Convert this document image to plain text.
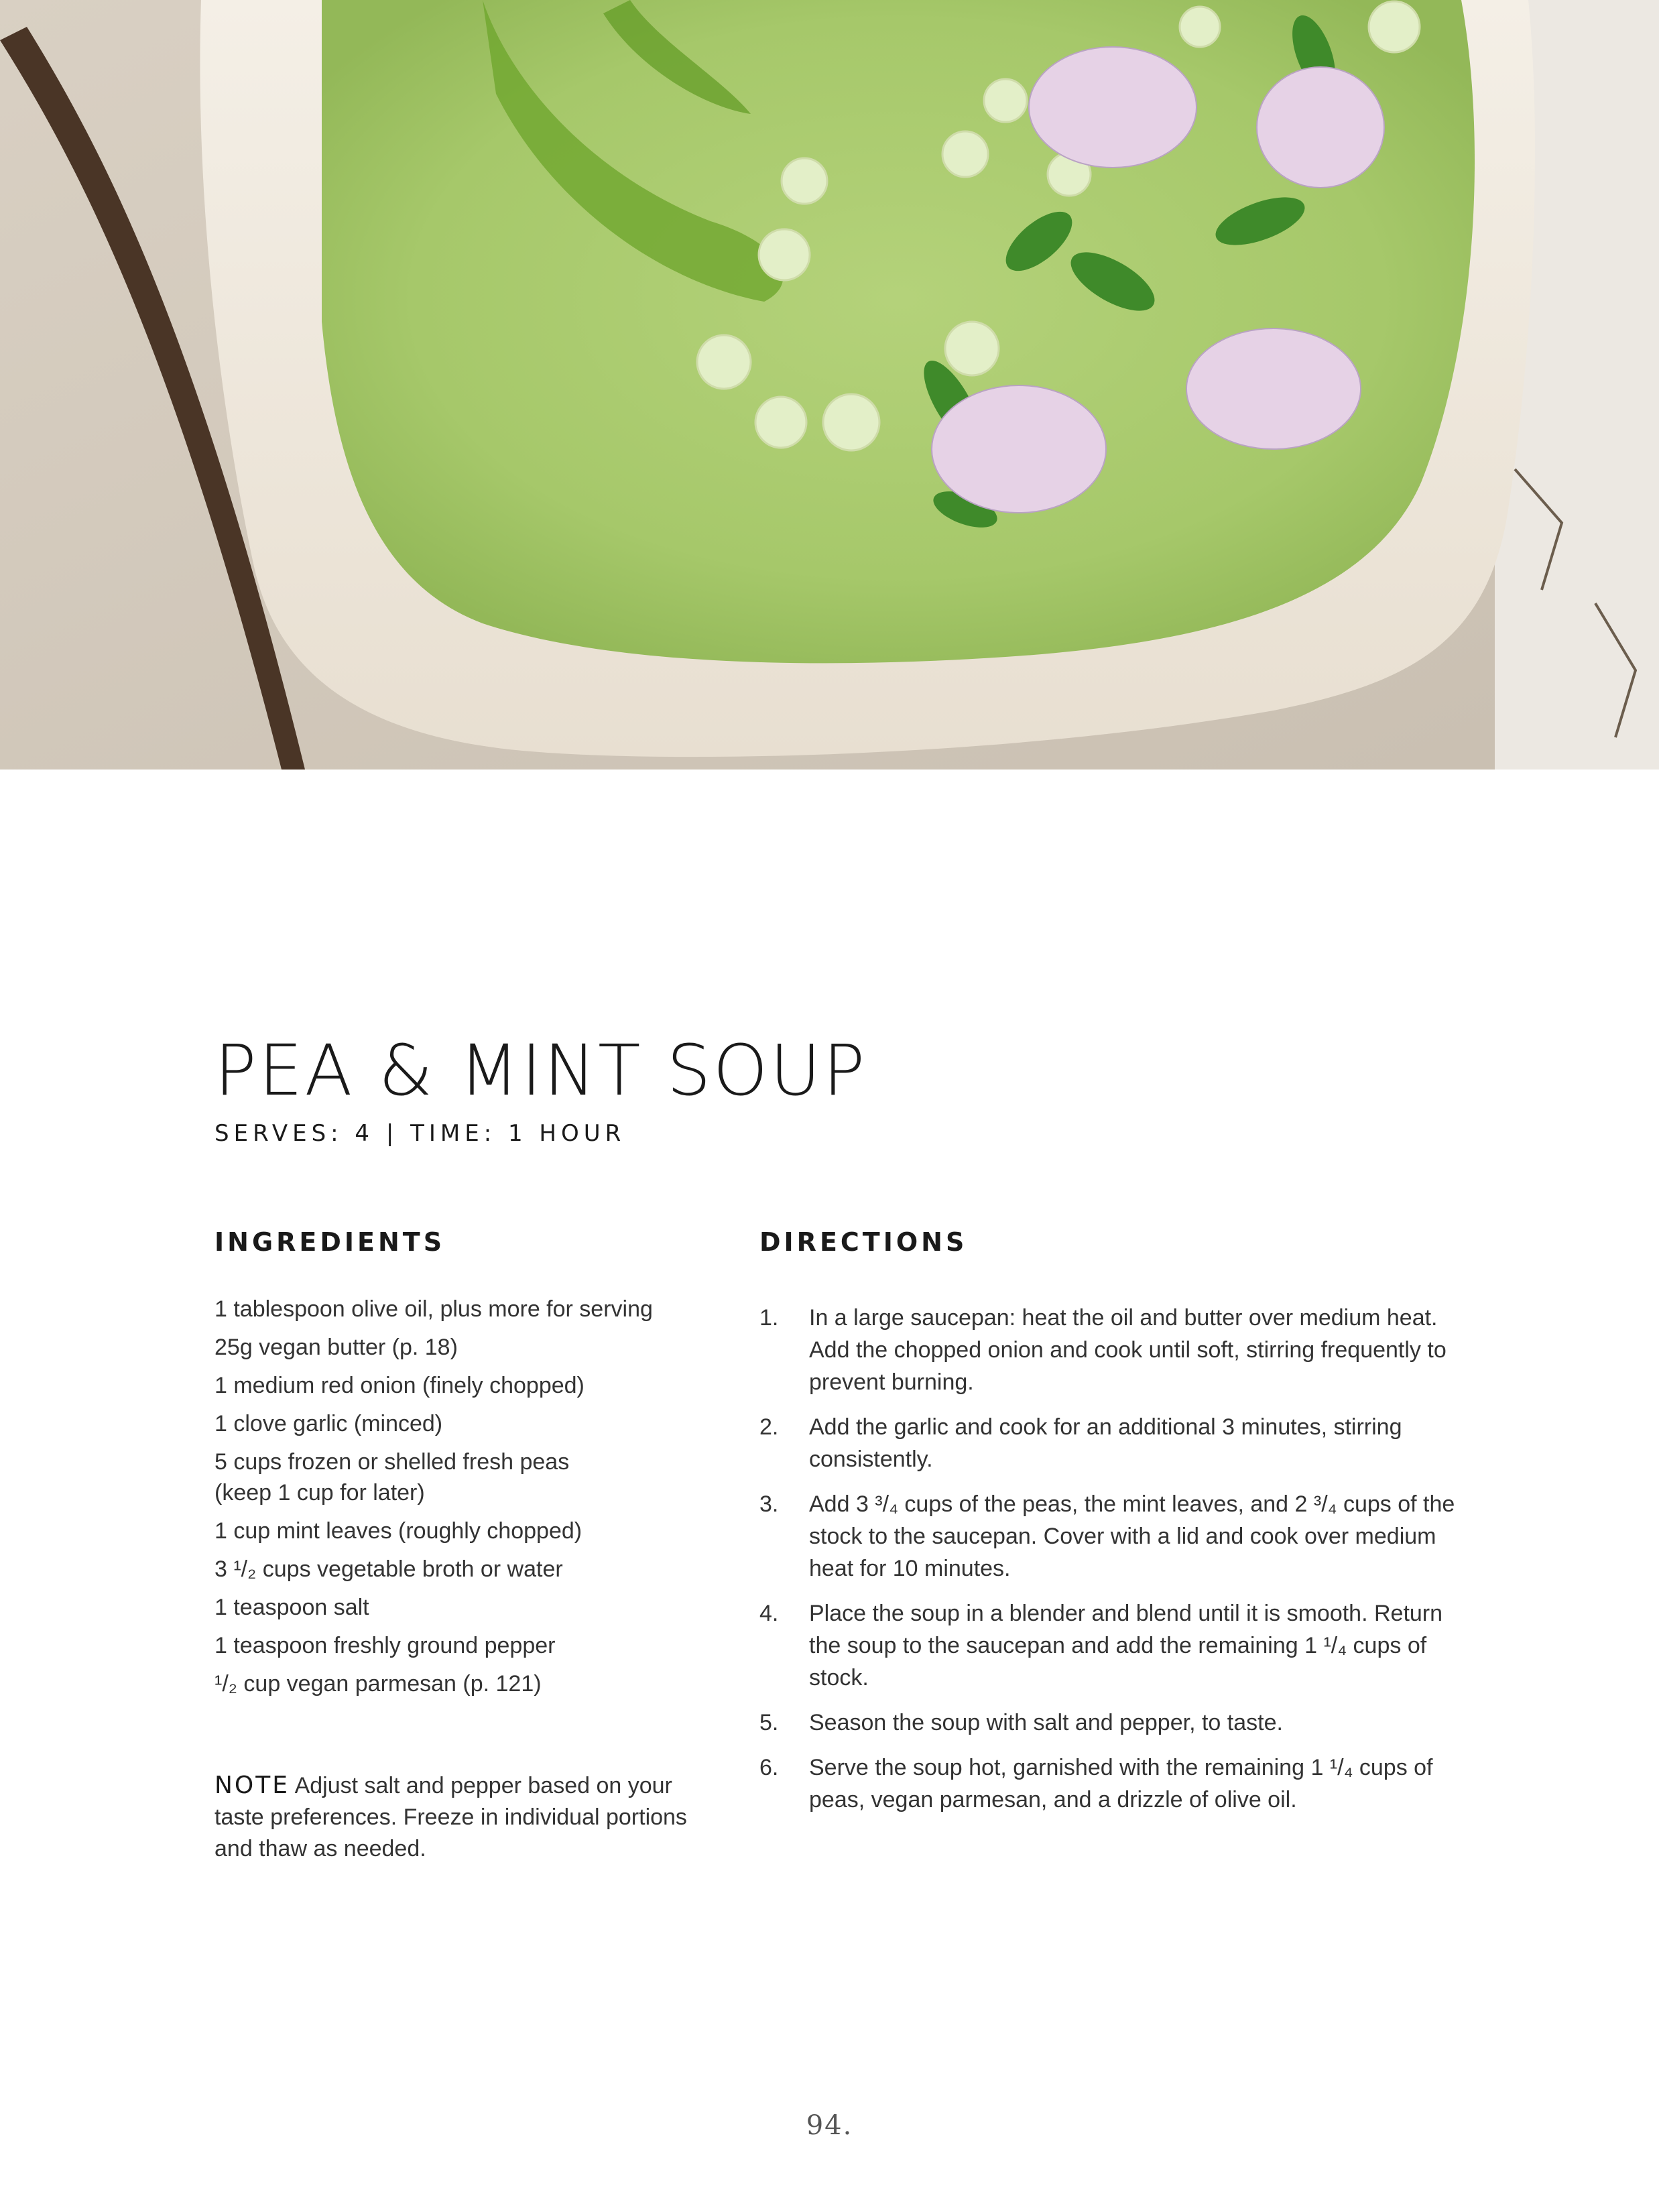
PEA & MINT SOUP
SERVES: 4 | TIME: 1 HOUR
INGREDIENTS
1 tablespoon olive oil, plus more for serving
25g vegan butter (p. 18)
1 medium red onion (finely chopped)
1 clove garlic (minced)
5 cups frozen or shelled fresh peas
(keep 1 cup for later)
1 cup mint leaves (roughly chopped)
3 ¹/₂ cups vegetable broth or water
1 teaspoon salt
1 teaspoon freshly ground pepper
¹/₂ cup vegan parmesan (p. 121)

NOTE Adjust salt and pepper based on your taste preferences. Freeze in individual portions and thaw as needed.

DIRECTIONS
1. In a large saucepan: heat the oil and butter over medium heat. Add the chopped onion and cook until soft, stirring frequently to prevent burning.
2. Add the garlic and cook for an additional 3 minutes, stirring consistently.
3. Add 3 ³/₄ cups of the peas, the mint leaves, and 2 ³/₄ cups of the stock to the saucepan. Cover with a lid and cook over medium heat for 10 minutes.
4. Place the soup in a blender and blend until it is smooth. Return the soup to the saucepan and add the remaining 1 ¹/₄ cups of stock.
5. Season the soup with salt and pepper, to taste.
6. Serve the soup hot, garnished with the remaining 1 ¹/₄ cups of peas, vegan parmesan, and a drizzle of olive oil.
94.
